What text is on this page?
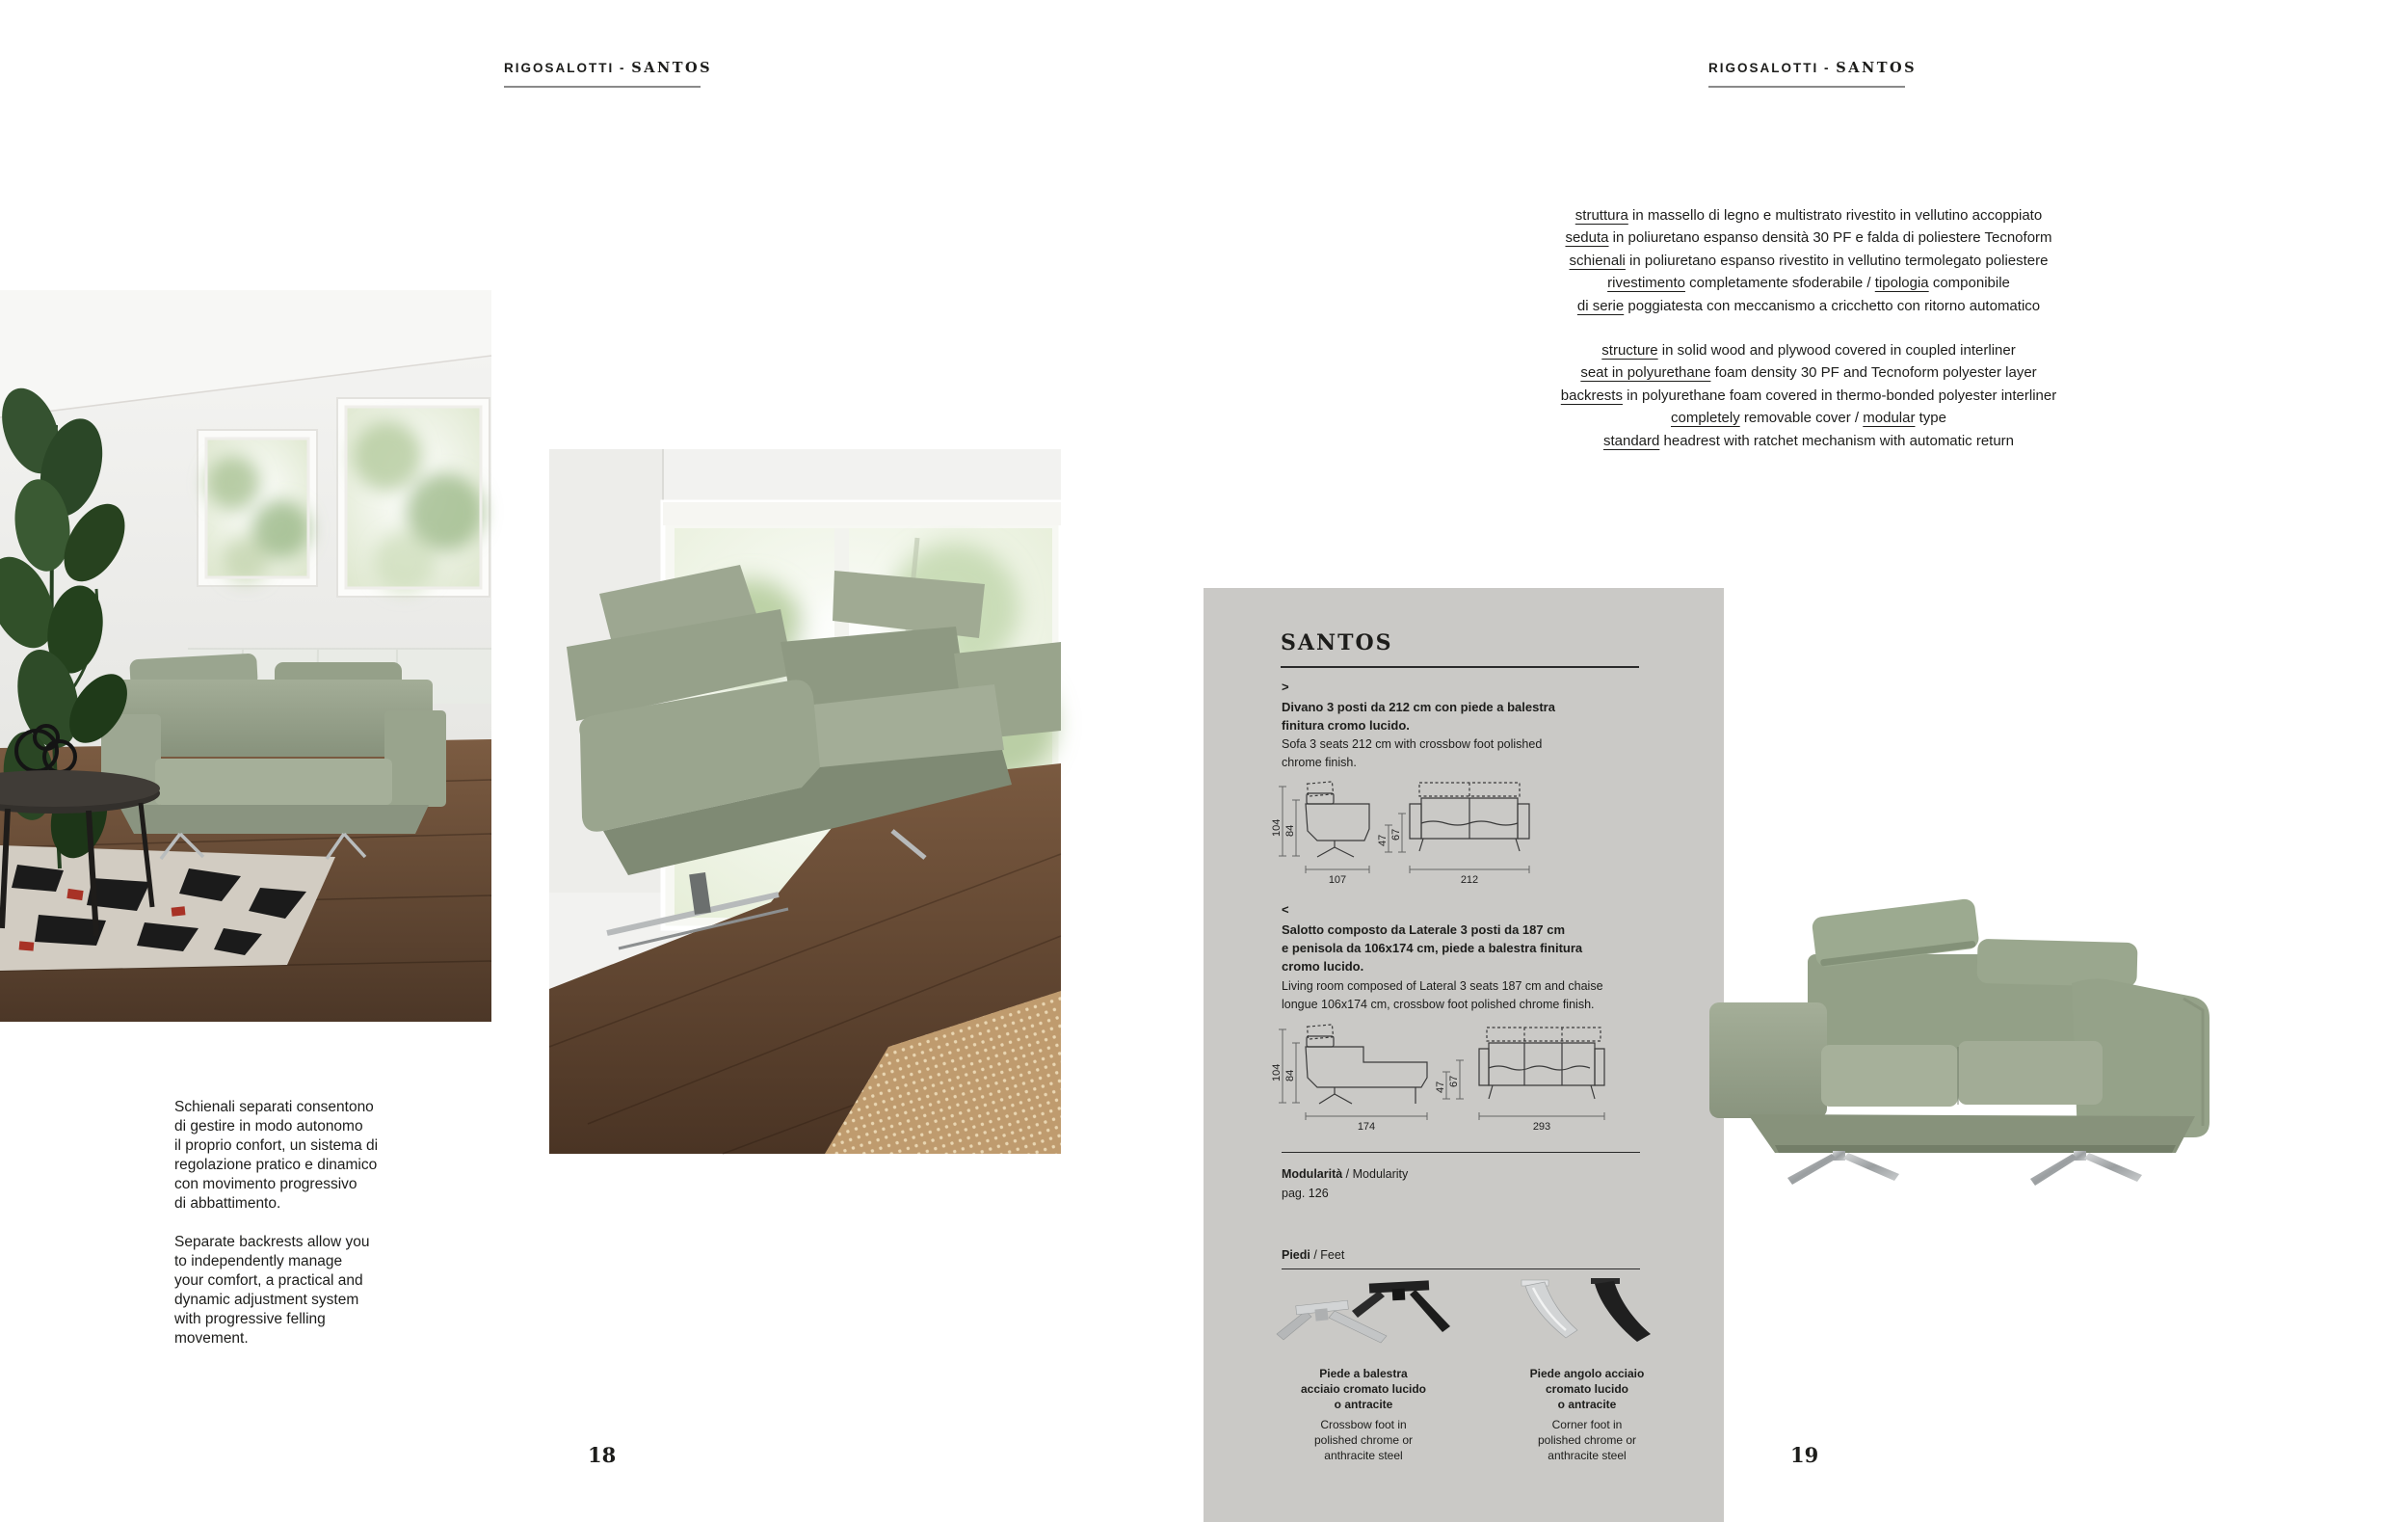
RIGOSALOTTI - SANTOS

Schienali separati consentono
di gestire in modo autonomo
il proprio confort, un sistema di
regolazione pratico e dinamico
con movimento progressivo
di abbattimento.

Separate backrests allow you
to independently manage
your comfort, a practical and
dynamic adjustment system
with progressive felling
movement.

18
RIGOSALOTTI - SANTOS
struttura in massello di legno e multistrato rivestito in vellutino accoppiato
seduta in poliuretano espanso densità 30 PF e falda di poliestere Tecnoform
schienali in poliuretano espanso rivestito in vellutino termolegato poliestere
rivestimento completamente sfoderabile / tipologia componibile
di serie poggiatesta con meccanismo a cricchetto con ritorno automatico
structure in solid wood and plywood covered in coupled interliner
seat in polyurethane foam density 30 PF and Tecnoform polyester layer
backrests in polyurethane foam covered in thermo-bonded polyester interliner
completely removable cover / modular type
standard headrest with ratchet mechanism with automatic return
SANTOS
>
Divano 3 posti da 212 cm con piede a balestra
finitura cromo lucido.
Sofa 3 seats 212 cm with crossbow foot polished
chrome finish.
104 84
107
47 67
212
<
Salotto composto da Laterale 3 posti da 187 cm
e penisola da 106x174 cm, piede a balestra finitura
cromo lucido.
Living room composed of Lateral 3 seats 187 cm and chaise
longue 106x174 cm, crossbow foot polished chrome finish.
104 84
174
47 67
293
Modularità / Modularity
pag. 126
Piedi / Feet
Piede a balestra
acciaio cromato lucido
o antracite
Crossbow foot in
polished chrome or
anthracite steel
Piede angolo acciaio
cromato lucido
o antracite
Corner foot in
polished chrome or
anthracite steel	19
